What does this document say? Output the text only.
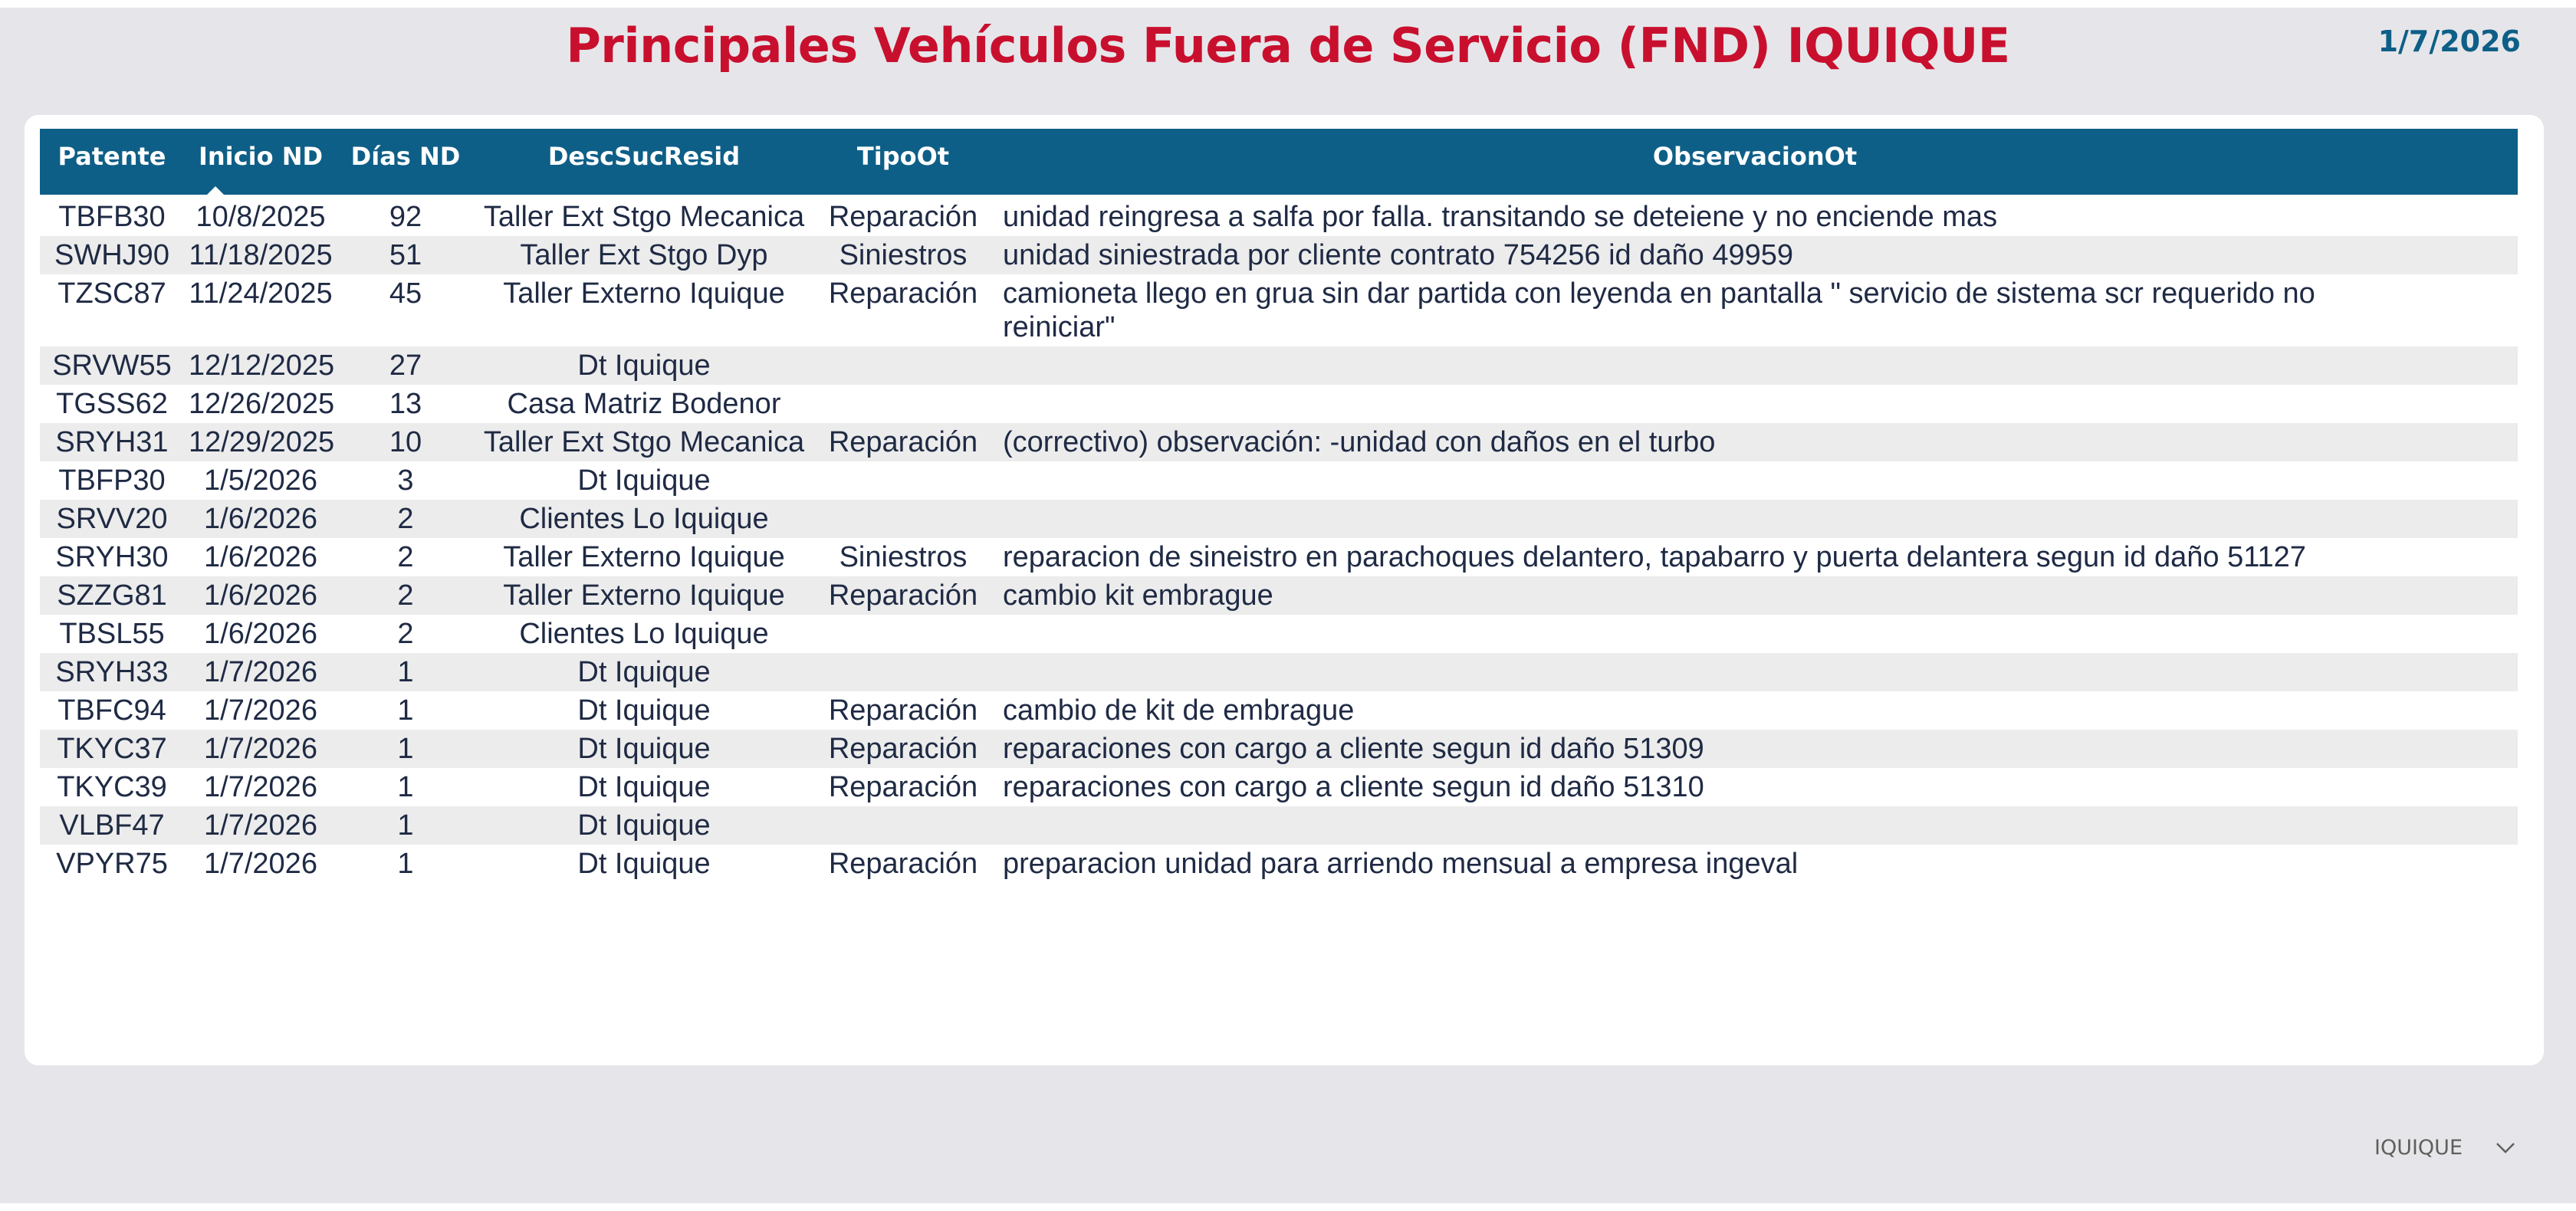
Principales Vehículos Fuera de Servicio (FND) IQUIQUE	1/7/2026
Patente	Inicio ND	Días ND	DescSucResid	TipoOt	ObservacionOt
TBFB30	10/8/2025	92	Taller Ext Stgo Mecanica	Reparación	unidad reingresa a salfa por falla. transitando se deteiene y no enciende mas
SWHJ90	11/18/2025	51	Taller Ext Stgo Dyp	Siniestros	unidad siniestrada por cliente contrato 754256 id daño 49959
TZSC87	11/24/2025	45	Taller Externo Iquique	Reparación	camioneta llego en grua sin dar partida con leyenda en pantalla " servicio de sistema scr requerido no reiniciar"
SRVW55	12/12/2025	27	Dt Iquique		
TGSS62	12/26/2025	13	Casa Matriz Bodenor		
SRYH31	12/29/2025	10	Taller Ext Stgo Mecanica	Reparación	(correctivo) observación: -unidad con daños en el turbo
TBFP30	1/5/2026	3	Dt Iquique		
SRVV20	1/6/2026	2	Clientes Lo Iquique		
SRYH30	1/6/2026	2	Taller Externo Iquique	Siniestros	reparacion de sineistro en parachoques delantero, tapabarro y puerta delantera segun id daño 51127
SZZG81	1/6/2026	2	Taller Externo Iquique	Reparación	cambio kit embrague
TBSL55	1/6/2026	2	Clientes Lo Iquique		
SRYH33	1/7/2026	1	Dt Iquique		
TBFC94	1/7/2026	1	Dt Iquique	Reparación	cambio de kit de embrague
TKYC37	1/7/2026	1	Dt Iquique	Reparación	reparaciones con cargo a cliente segun id daño 51309
TKYC39	1/7/2026	1	Dt Iquique	Reparación	reparaciones con cargo a cliente segun id daño 51310
VLBF47	1/7/2026	1	Dt Iquique		
VPYR75	1/7/2026	1	Dt Iquique	Reparación	preparacion unidad para arriendo mensual a empresa ingeval
IQUIQUE
